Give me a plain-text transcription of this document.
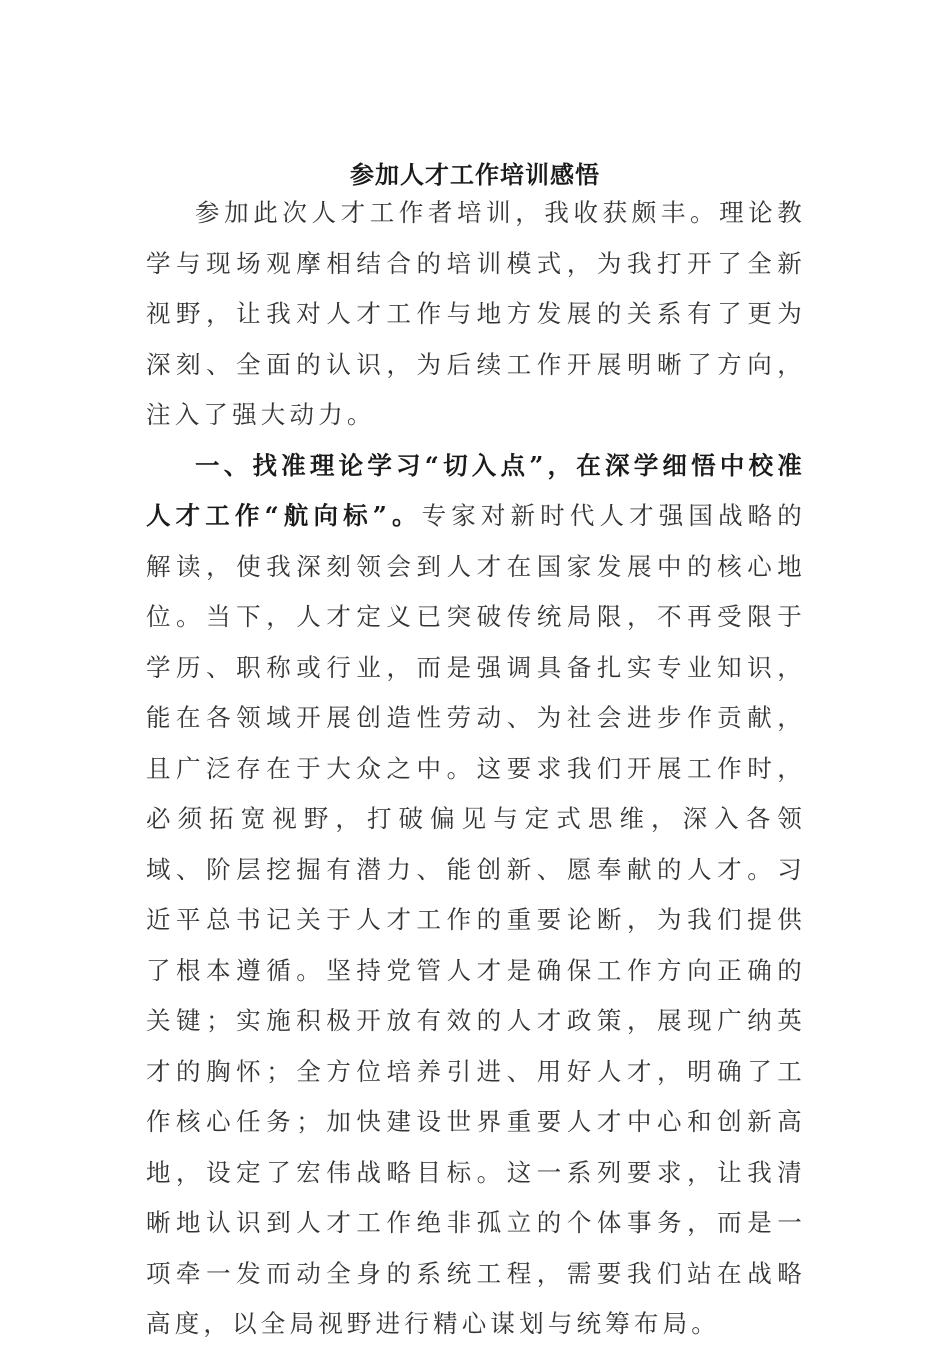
参加人才工作培训感悟

参加此次人才工作者培训，我收获颇丰。理论教学与现场观摩相结合的培训模式，为我打开了全新视野，让我对人才工作与地方发展的关系有了更为深刻、全面的认识，为后续工作开展明晰了方向，注入了强大动力。

一、找准理论学习“切入点”，在深学细悟中校准人才工作“航向标”。专家对新时代人才强国战略的解读，使我深刻领会到人才在国家发展中的核心地位。当下，人才定义已突破传统局限，不再受限于学历、职称或行业，而是强调具备扎实专业知识，能在各领域开展创造性劳动、为社会进步作贡献，且广泛存在于大众之中。这要求我们开展工作时，必须拓宽视野，打破偏见与定式思维，深入各领域、阶层挖掘有潜力、能创新、愿奉献的人才。习近平总书记关于人才工作的重要论断，为我们提供了根本遵循。坚持党管人才是确保工作方向正确的关键；实施积极开放有效的人才政策，展现广纳英才的胸怀；全方位培养引进、用好人才，明确了工作核心任务；加快建设世界重要人才中心和创新高地，设定了宏伟战略目标。这一系列要求，让我清晰地认识到人才工作绝非孤立的个体事务，而是一项牵一发而动全身的系统工程，需要我们站在战略高度，以全局视野进行精心谋划与统筹布局。
